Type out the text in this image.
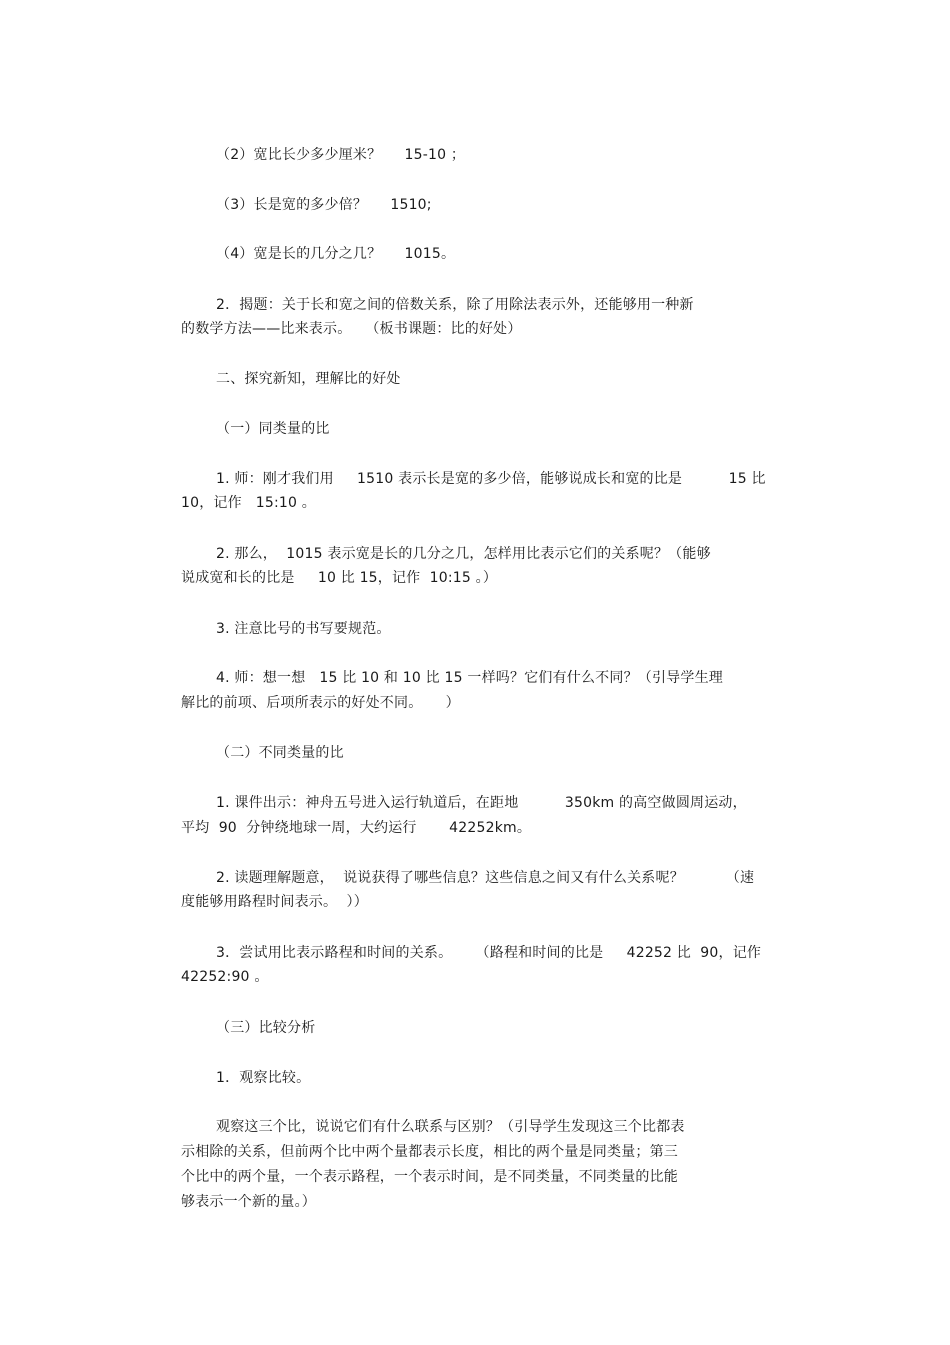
（2）宽比长少多少厘米？     15-10 ；
（3）长是宽的多少倍？     1510;
（4）宽是长的几分之几？     1015。
2．揭题：关于长和宽之间的倍数关系，除了用除法表示外，还能够用一种新
的数学方法——比来表示。   （板书课题：比的好处）
二、探究新知，理解比的好处
（一）同类量的比
1. 师：刚才我们用     1510 表示长是宽的多少倍，能够说成长和宽的比是          15 比
10，记作   15:10 。
2. 那么，  1015 表示宽是长的几分之几，怎样用比表示它们的关系呢？（能够
说成宽和长的比是     10 比 15，记作  10:15 。）
3. 注意比号的书写要规范。
4. 师：想一想   15 比 10 和 10 比 15 一样吗？它们有什么不同？（引导学生理
解比的前项、后项所表示的好处不同。     ）
（二）不同类量的比
1. 课件出示：神舟五号进入运行轨道后，在距地          350km 的高空做圆周运动，
平均  90  分钟绕地球一周，大约运行       42252km。
2. 读题理解题意，  说说获得了哪些信息？这些信息之间又有什么关系呢？         （速
度能够用路程时间表示。  ））
3．尝试用比表示路程和时间的关系。     （路程和时间的比是     42252 比  90，记作
42252:90 。
（三）比较分析
1．观察比较。
观察这三个比，说说它们有什么联系与区别？（引导学生发现这三个比都表
示相除的关系，但前两个比中两个量都表示长度，相比的两个量是同类量；第三
个比中的两个量，一个表示路程，一个表示时间，是不同类量，不同类量的比能
够表示一个新的量。）
